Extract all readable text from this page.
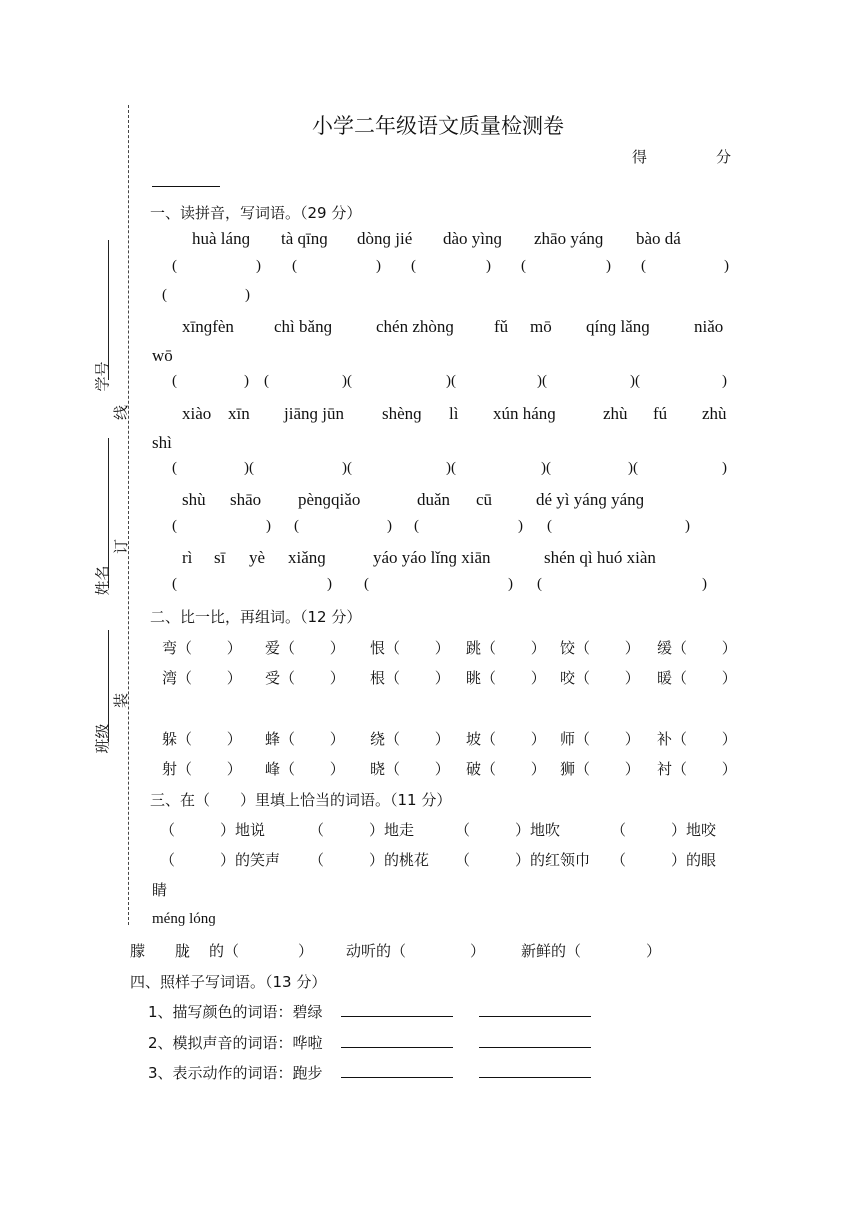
学号
线
姓名
订
班级
装
小学二年级语文质量检测卷
得	分
一、读拼音，写词语。（29 分）
huà lánɡ tà qīnɡ dònɡ jié dào yìnɡ zhāo yánɡ bào dá
(	) (	) (	) (	) (	)
(	)
xīnɡfèn chì bǎnɡ	chén zhònɡ fǔ mō qínɡ lǎnɡ	niǎo
wō
(	) (	)(	)(	)(	)(	)
xiào xīn jiānɡ jūn shènɡ lì xún hánɡ	zhù fú zhù
shì
(	)(	)(	)(	)(	)(	)
shù shāo pènɡqiǎo	duǎn cū	dé yì yánɡ yánɡ
(	) (	) (	) (	)
rì sī yè xiǎnɡ	yáo yáo lǐnɡ xiān	shén qì huó xiàn
(	) (	) (	)
二、比一比，再组词。（12 分）
弯（　　 ） 爱（　　 ） 恨（　　 ） 跳（　　 ） 饺（　　 ） 缓（　　 ）
湾（　　 ） 受（　　 ） 根（　　 ） 眺（　　 ） 咬（　　 ） 暖（　　 ）
躲（　　 ） 蜂（　　 ） 绕（　　 ） 坡（　　 ） 师（　　 ） 补（　　 ）
射（　　 ） 峰（　　 ） 晓（　　 ） 破（　　 ） 狮（　　 ） 衬（　　 ）
三、在（　　）里填上恰当的词语。（11 分）
（　　　）地说	（　　　）地走	（　　　）地吹	（　　　）地咬
（　　　）的笑声 （　　　）的桃花 （　　　）的红领巾 （　　　）的眼
睛
ménɡ lónɡ
朦 胧 的（	） 动听的（	） 新鲜的（	）
四、照样子写词语。（13 分）
1、描写颜色的词语：碧绿
2、模拟声音的词语：哗啦
3、表示动作的词语：跑步
